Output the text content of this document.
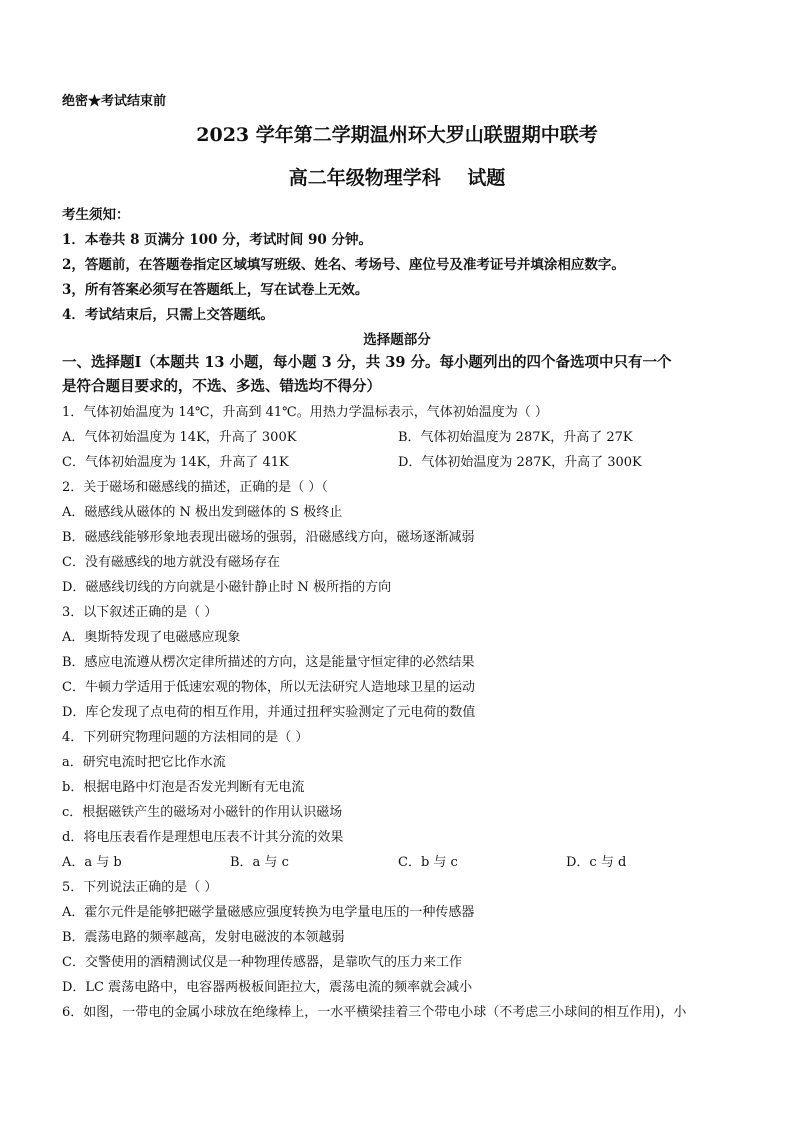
绝密★考试结束前
2023 学年第二学期温州环大罗山联盟期中联考
高二年级物理学科    试题
考生须知：
1．本卷共 8 页满分 100 分，考试时间 90 分钟。
2，答题前，在答题卷指定区域填写班级、姓名、考场号、座位号及准考证号并填涂相应数字。
3，所有答案必须写在答题纸上，写在试卷上无效。
4．考试结束后，只需上交答题纸。
选择题部分
一、选择题Ⅰ（本题共 13 小题，每小题 3 分，共 39 分。每小题列出的四个备选项中只有一个
是符合题目要求的，不选、多选、错选均不得分）
1．气体初始温度为 14℃，升高到 41℃。用热力学温标表示，气体初始温度为（ ）
A．气体初始温度为 14K，升高了 300K	B．气体初始温度为 287K，升高了 27K
C．气体初始温度为 14K，升高了 41K	D．气体初始温度为 287K，升高了 300K
2．关于磁场和磁感线的描述，正确的是（ ）（
A．磁感线从磁体的 N 极出发到磁体的 S 极终止
B．磁感线能够形象地表现出磁场的强弱，沿磁感线方向，磁场逐渐减弱
C．没有磁感线的地方就没有磁场存在
D．磁感线切线的方向就是小磁针静止时 N 极所指的方向
3．以下叙述正确的是（ ）
A．奥斯特发现了电磁感应现象
B．感应电流遵从楞次定律所描述的方向，这是能量守恒定律的必然结果
C．牛顿力学适用于低速宏观的物体，所以无法研究人造地球卫星的运动
D．库仑发现了点电荷的相互作用，并通过扭秤实验测定了元电荷的数值
4．下列研究物理问题的方法相同的是（ ）
a．研究电流时把它比作水流
b．根据电路中灯泡是否发光判断有无电流
c．根据磁铁产生的磁场对小磁针的作用认识磁场
d．将电压表看作是理想电压表不计其分流的效果
A．a 与 b	B．a 与 c	C．b 与 c	D．c 与 d
5．下列说法正确的是（ ）
A．霍尔元件是能够把磁学量磁感应强度转换为电学量电压的一种传感器
B．震荡电路的频率越高，发射电磁波的本领越弱
C．交警使用的酒精测试仪是一种物理传感器，是靠吹气的压力来工作
D．LC 震荡电路中，电容器两极板间距拉大，震荡电流的频率就会减小
6．如图，一带电的金属小球放在绝缘棒上，一水平横梁挂着三个带电小球（不考虑三小球间的相互作用)，小
